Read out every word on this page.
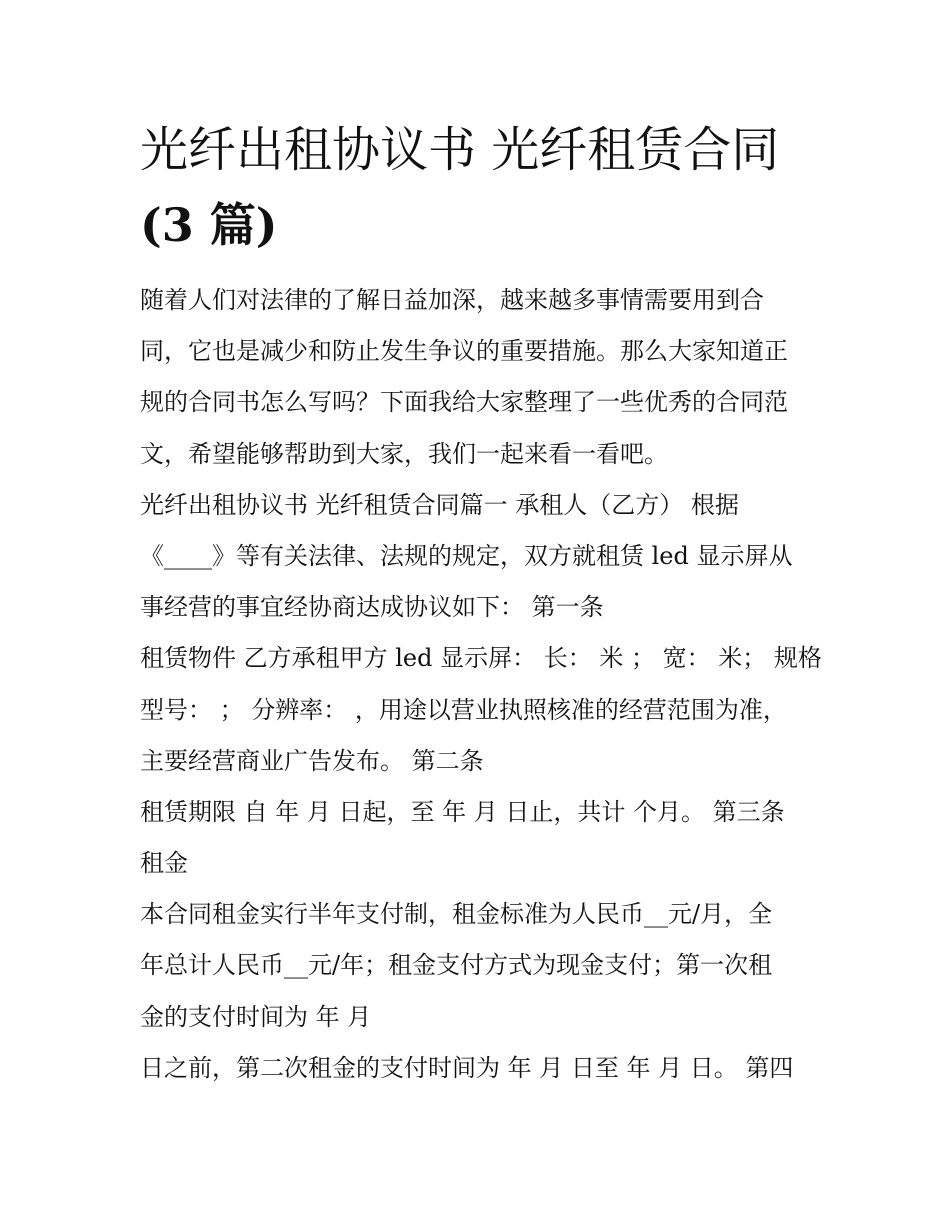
光纤出租协议书 光纤租赁合同
(3 篇)
随着人们对法律的了解日益加深，越来越多事情需要用到合
同，它也是减少和防止发生争议的重要措施。那么大家知道正
规的合同书怎么写吗？下面我给大家整理了一些优秀的合同范
文，希望能够帮助到大家，我们一起来看一看吧。
光纤出租协议书 光纤租赁合同篇一 承租人（乙方） 根据
《____》等有关法律、法规的规定，双方就租赁 led 显示屏从
事经营的事宜经协商达成协议如下： 第一条
租赁物件 乙方承租甲方 led 显示屏： 长： 米 ； 宽： 米； 规格
型号： ； 分辨率： ，用途以营业执照核准的经营范围为准，
主要经营商业广告发布。 第二条
租赁期限 自 年 月 日起，至 年 月 日止，共计 个月。 第三条
租金
本合同租金实行半年支付制，租金标准为人民币__元/月，全
年总计人民币__元/年；租金支付方式为现金支付；第一次租
金的支付时间为 年 月
日之前，第二次租金的支付时间为 年 月 日至 年 月 日。 第四
